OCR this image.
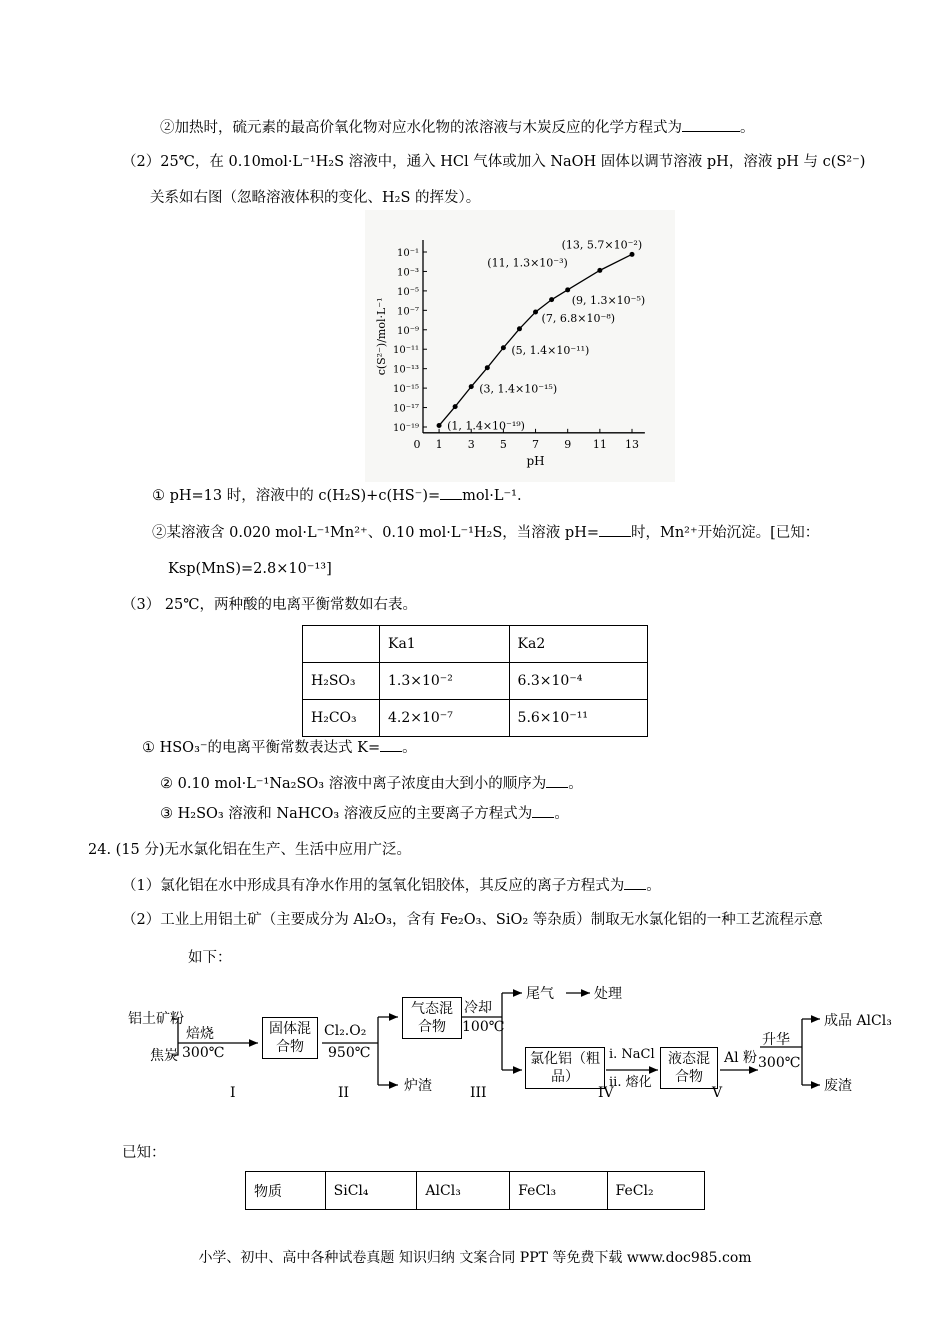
②加热时，硫元素的最高价氧化物对应水化物的浓溶液与木炭反应的化学方程式为	。
（2）25℃，在 0.10mol·L⁻¹H₂S 溶液中，通入 HCl 气体或加入 NaOH 固体以调节溶液 pH，溶液 pH 与 c(S²⁻)
关系如右图（忽略溶液体积的变化、H₂S 的挥发）。
10⁻¹
10⁻³
10⁻⁵
10⁻⁷
10⁻⁹
10⁻¹¹
10⁻¹³
10⁻¹⁵
10⁻¹⁷
10⁻¹⁹
0 1 3 5 7 9 11 13
pH
c(S²⁻)/mol·L⁻¹
(1, 1.4×10⁻¹⁹)
(3, 1.4×10⁻¹⁵)
(5, 1.4×10⁻¹¹)
(7, 6.8×10⁻⁸)
(9, 1.3×10⁻⁵)
(11, 1.3×10⁻³)
(13, 5.7×10⁻²)
① pH=13 时，溶液中的 c(H₂S)+c(HS⁻)= mol·L⁻¹.
②某溶液含 0.020 mol·L⁻¹Mn²⁺、0.10 mol·L⁻¹H₂S，当溶液 pH= 时，Mn²⁺开始沉淀。[已知：
Ksp(MnS)=2.8×10⁻¹³]
（3） 25℃，两种酸的电离平衡常数如右表。
	Ka1	Ka2
H₂SO₃	1.3×10⁻²	6.3×10⁻⁴
H₂CO₃	4.2×10⁻⁷	5.6×10⁻¹¹
① HSO₃⁻的电离平衡常数表达式 K= 。
② 0.10 mol·L⁻¹Na₂SO₃ 溶液中离子浓度由大到小的顺序为 。
③ H₂SO₃ 溶液和 NaHCO₃ 溶液反应的主要离子方程式为 。
24. (15 分)无水氯化铝在生产、生活中应用广泛。
（1）氯化铝在水中形成具有净水作用的氢氧化铝胶体，其反应的离子方程式为 。
（2）工业上用铝土矿（主要成分为 Al₂O₃，含有 Fe₂O₃、SiO₂ 等杂质）制取无水氯化铝的一种工艺流程示意
如下：
铝土矿粉
焦炭
焙烧
300℃
固体混合物
Cl₂.O₂
950℃
炉渣
气态混合物
冷却
100℃
尾气	处理
氯化铝（粗品）
i. NaCl
ii. 熔化
液态混合物
Al 粉
升华
300℃
成品 AlCl₃
废渣
I	II	III	IV	V
已知：
物质	SiCl₄	AlCl₃	FeCl₃	FeCl₂
小学、初中、高中各种试卷真题 知识归纳 文案合同 PPT 等免费下载 www.doc985.com
